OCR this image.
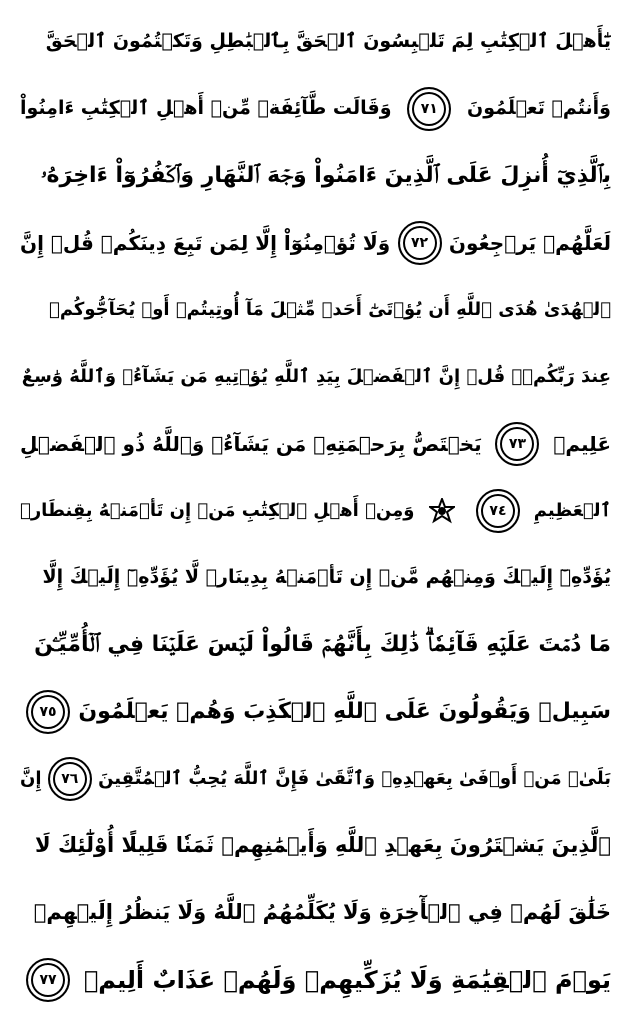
يَٰٓأَهۡلَ ٱلۡكِتَٰبِ لِمَ تَلۡبِسُونَ ٱلۡحَقَّ بِٱلۡبَٰطِلِ وَتَكۡتُمُونَ ٱلۡحَقَّ
وَأَنتُمۡ تَعۡلَمُونَ
٧١
وَقَالَت طَّآئِفَةٞ مِّنۡ أَهۡلِ ٱلۡكِتَٰبِ ءَامِنُواْ
بِٱلَّذِيٓ أُنزِلَ عَلَى ٱلَّذِينَ ءَامَنُواْ وَجۡهَ ٱلنَّهَارِ وَٱكۡفُرُوٓاْ ءَاخِرَهُۥ
لَعَلَّهُمۡ يَرۡجِعُونَ
٧٢
وَلَا تُؤۡمِنُوٓاْ إِلَّا لِمَن تَبِعَ دِينَكُمۡ قُلۡ إِنَّ
ٱلۡهُدَىٰ هُدَى ٱللَّهِ أَن يُؤۡتَىٰٓ أَحَدٞ مِّثۡلَ مَآ أُوتِيتُمۡ أَوۡ يُحَآجُّوكُمۡ
عِندَ رَبِّكُمۡۗ قُلۡ إِنَّ ٱلۡفَضۡلَ بِيَدِ ٱللَّهِ يُؤۡتِيهِ مَن يَشَآءُۗ وَٱللَّهُ وَٰسِعٌ
عَلِيمٞ
٧٣
يَخۡتَصُّ بِرَحۡمَتِهِۦ مَن يَشَآءُۗ وَٱللَّهُ ذُو ٱلۡفَضۡلِ
ٱلۡعَظِيمِ
٧٤
وَمِنۡ أَهۡلِ ٱلۡكِتَٰبِ مَنۡ إِن تَأۡمَنۡهُ بِقِنطَارٖ
يُؤَدِّهِۦٓ إِلَيۡكَ وَمِنۡهُم مَّنۡ إِن تَأۡمَنۡهُ بِدِينَارٖ لَّا يُؤَدِّهِۦٓ إِلَيۡكَ إِلَّا
مَا دُمۡتَ عَلَيۡهِ قَآئِمٗاۗ ذَٰلِكَ بِأَنَّهُمۡ قَالُواْ لَيۡسَ عَلَيۡنَا فِي ٱلۡأُمِّيِّـۧنَ
سَبِيلٞ وَيَقُولُونَ عَلَى ٱللَّهِ ٱلۡكَذِبَ وَهُمۡ يَعۡلَمُونَ
٧٥
بَلَىٰۚ مَنۡ أَوۡفَىٰ بِعَهۡدِهِۦ وَٱتَّقَىٰ فَإِنَّ ٱللَّهَ يُحِبُّ ٱلۡمُتَّقِينَ
٧٦
إِنَّ
ٱلَّذِينَ يَشۡتَرُونَ بِعَهۡدِ ٱللَّهِ وَأَيۡمَٰنِهِمۡ ثَمَنٗا قَلِيلًا أُوْلَٰٓئِكَ لَا
خَلَٰقَ لَهُمۡ فِي ٱلۡأٓخِرَةِ وَلَا يُكَلِّمُهُمُ ٱللَّهُ وَلَا يَنظُرُ إِلَيۡهِمۡ
يَوۡمَ ٱلۡقِيَٰمَةِ وَلَا يُزَكِّيهِمۡ وَلَهُمۡ عَذَابٌ أَلِيمٞ
٧٧
